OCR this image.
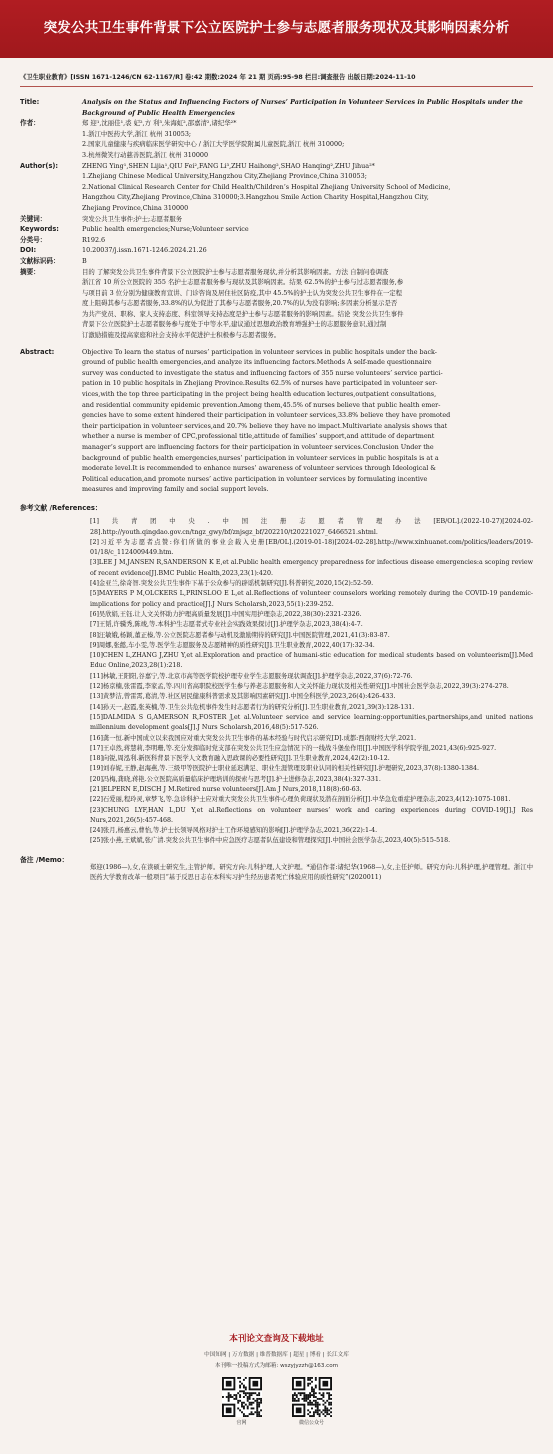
突发公共卫生事件背景下公立医院护士参与志愿者服务现状及其影响因素分析
《卫生职业教育》[ISSN 1671-1246/CN 62-1167/R] 卷:42 期数:2024 年 21 期 页码:95-98 栏目:调查报告 出版日期:2024-11-10
Title:	Analysis on the Status and Influencing Factors of Nurses’ Participation in Volunteer Services in Public Hospitals under the
Background of Public Health Emergencies
作者：	郑 迎¹,沈丽佳¹,裘 妃²,方 利³,朱海虹²,邵嘉清²,诸纪华²*
1.浙江中医药大学,浙江 杭州 310053;
2.国家儿童健康与疾病临床医学研究中心 / 浙江大学医学院附属儿童医院,浙江 杭州 310000;
3.杭州微笑行动慈善医院,浙江 杭州 310000
Author(s):	ZHENG Ying¹,SHEN Lijia¹,QIU Fei²,FANG Li³,ZHU Haihong²,SHAO Hanqing²,ZHU Jihua²*
1.Zhejiang Chinese Medical University,Hangzhou City,Zhejiang Province,China 310053;
2.National Clinical Research Center for Child Health/Children’s Hospital Zhejiang University School of Medicine,
Hangzhou City,Zhejiang Province,China 310000;3.Hangzhou Smile Action Charity Hospital,Hangzhou City,
Zhejiang Province,China 310000
关键词：	突发公共卫生事件;护士;志愿者服务
Keywords:	Public health emergencies;Nurse;Volunteer service
分类号：	R192.6
DOI:	10.20037/j.issn.1671-1246.2024.21.26
文献标识码：	B
摘要：	目的 了解突发公共卫生事件背景下公立医院护士参与志愿者服务现状,并分析其影响因素。方法 自制问卷调查
浙江省 10 所公立医院的 355 名护士志愿者服务参与现状及其影响因素。结果 62.5%的护士参与过志愿者服务,参
与项目前 3 位分别为健康教育宣讲、门诊咨询及居住社区防疫,其中 45.5%的护士认为突发公共卫生事件在一定程
度上阻碍其参与志愿者服务,33.8%的认为促进了其参与志愿者服务,20.7%的认为没有影响;多因素分析显示是否
为共产党员、职称、家人支持态度、科室领导支持态度是护士参与志愿者服务的影响因素。结论 突发公共卫生事件
背景下公立医院护士志愿者服务参与度处于中等水平,建议通过思想政治教育增强护士的志愿服务意识,通过制
订激励措施及提高家庭和社会支持水平促进护士积极参与志愿者服务。
Abstract:	Objective To learn the status of nurses’ participation in volunteer services in public hospitals under the back-
ground of public health emergencies,and analyze its influencing factors.Methods A self-made questionnaire
survey was conducted to investigate the status and influencing factors of 355 nurse volunteers’ service partici-
pation in 10 public hospitals in Zhejiang Province.Results 62.5% of nurses have participated in volunteer ser-
vices,with the top three participating in the project being health education lectures,outpatient consultations,
and residential community epidemic prevention.Among them,45.5% of nurses believe that public health emer-
gencies have to some extent hindered their participation in volunteer services,33.8% believe they have promoted
their participation in volunteer services,and 20.7% believe they have no impact.Multivariate analysis shows that
whether a nurse is member of CPC,professional title,attitude of families’ support,and attitude of department
manager’s support are influencing factors for their participation in volunteer services.Conclusion Under the
background of public health emergencies,nurses’ participation in volunteer services in public hospitals is at a
moderate level.It is recommended to enhance nurses’ awareness of volunteer services through Ideological &
Political education,and promote nurses’ active participation in volunteer services by formulating incentive
measures and improving family and social support levels.
参考文献 /References：
[1]共青团中央.中国注册志愿者管理办法[EB/OL].(2022-10-27)[2024-02-28].http://youth.qingdao.gov.cn/tngz_gwy/bf/znjsgz_bf/202210/t20221027_6466521.shtml.
[2]习近平为志愿者点赞:你们所做的事业会载入史册[EB/OL].(2019-01-18)[2024-02-28].http://www.xinhuanet.com/politics/leaders/2019-01/18/c_1124009449.htm.
[3]LEE J M,JANSEN R,SANDERSON K E,et al.Public health emergency preparedness for infectious disease emergencies:a scoping review of recent evidence[J].BMC Public Health,2023,23(1):420.
[4]金亚兰,徐奇智.突发公共卫生事件下基于公众参与的辟谣机制研究[J].科普研究,2020,15(2):52-59.
[5]MAYERS P M,OLCKERS L,PRINSLOO E L,et al.Reflections of volunteer counselors working remotely during the COVID-19 pandemic-implications for policy and practice[J].J Nurs Scholarsh,2023,55(1):239-252.
[6]吴欣娟,王钰.让人文关怀助力护理高质量发展[J].中国实用护理杂志,2022,38(30):2321-2326.
[7]王韬,许骥秀,陈竣,等.本科护生志愿者式专业社会实践效果探讨[J].护理学杂志,2023,38(4):4-7.
[8]汪敏娥,杨颖,董正榛,等.公立医院志愿者参与动机及激励期待的研究[J].中国医院管理,2021,41(3):83-87.
[9]周娜,张懿,车小雯,等.医学生志愿服务及志愿精神的质性研究[J].卫生职业教育,2022,40(17):32-34.
[10]CHEN L,ZHANG J,ZHU Y,et al.Exploration and practice of humani-stic education for medical students based on volunteerism[J].Med Educ Online,2023,28(1):218.
[11]林敏,王阳阳,谷嘉宁,等.北京市高等医学院校护理专业学生志愿服务现状调查[J].护理学杂志,2022,37(6):72-76.
[12]杨京楠,张雷霞,李家孟,等.四川省高职院校医学生参与养老志愿服务和人文关怀能力现状及相关性研究[J].中国社会医学杂志,2022,39(3):274-278.
[13]黄梦洁,曾雷霄,葛清,等.社区居民健康科普需求及其影响因素研究[J].中国全科医学,2023,26(4):426-433.
[14]孙天一,赵霞,张英楠,等.卫生公共危机事件发生时志愿者行为的研究分析[J].卫生职业教育,2021,39(3):128-131.
[15]DALMIDA S G,AMERSON R,FOSTER J,et al.Volunteer service and service learning:opportunities,partnerships,and united nations millennium development goals[J].J Nurs Scholarsh,2016,48(5):517-526.
[16]龚一恒.新中国成立以来我国应对重大突发公共卫生事件的基本经验与时代启示研究[D].成都:西南财经大学,2021.
[17]王卓然,蒋慧莉,李明珊,等.充分发挥临时党支部在突发公共卫生应急情况下的一线战斗堡垒作用[J].中国医学科学院学报,2021,43(6):925-927.
[18]向锐,周泓利.新医科背景下医学人文教育融入思政课的必要性研究[J].卫生职业教育,2024,42(2):10-12.
[19]刘春妮,王静,赵海燕,等.三级甲等医院护士职业延迟满足、职业生涯管理及职业认同的相关性研究[J].护理研究,2023,37(8):1380-1384.
[20]冯梅,龚晓,蒋艳.公立医院高质量临床护理培训的探索与思考[J].护士进修杂志,2023,38(4):327-331.
[21]ELPERN E,DISCH J M.Retired nurse volunteers[J].Am J Nurs,2018,118(8):60-63.
[22]石爱丽,程玲灵,章梦飞,等.急诊科护士应对重大突发公共卫生事件心理负荷现状及潜在剖面分析[J].中华急危重症护理杂志,2023,4(12):1075-1081.
[23]CHUNG LYF,HAN L,DU Y,et al.Reflections on volunteer nurses’ work and caring experiences during COVID-19[J].J Res Nurs,2021,26(5):457-468.
[24]张月,杨惠云,曹怡,等.护士长领导风格对护士工作环境感知的影响[J].护理学杂志,2021,36(22):1-4.
[25]张小燕,王斌斌,张广清.突发公共卫生事件中应急医疗志愿者队伍建设和管理探究[J].中国社会医学杂志,2023,40(5):515-518.
备注 /Memo：
郑迎(1986—),女,在读硕士研究生,主管护师。研究方向:儿科护理,人文护理。*通信作者:诸纪华(1968—),女,主任护师。研究方向:儿科护理,护理管理。浙江中医药大学教育改革一般项目“基于反思日志在本科实习护生经历患者死亡体验应用的质性研究”(2020011)
本刊论文查询及下载地址
中国知网 | 万方数据 | 维普数据库 | 超星 | 博看 | 长江文库
本刊唯一投稿方式为邮箱: wszyjyzzh@163.com
官网	微信公众号
